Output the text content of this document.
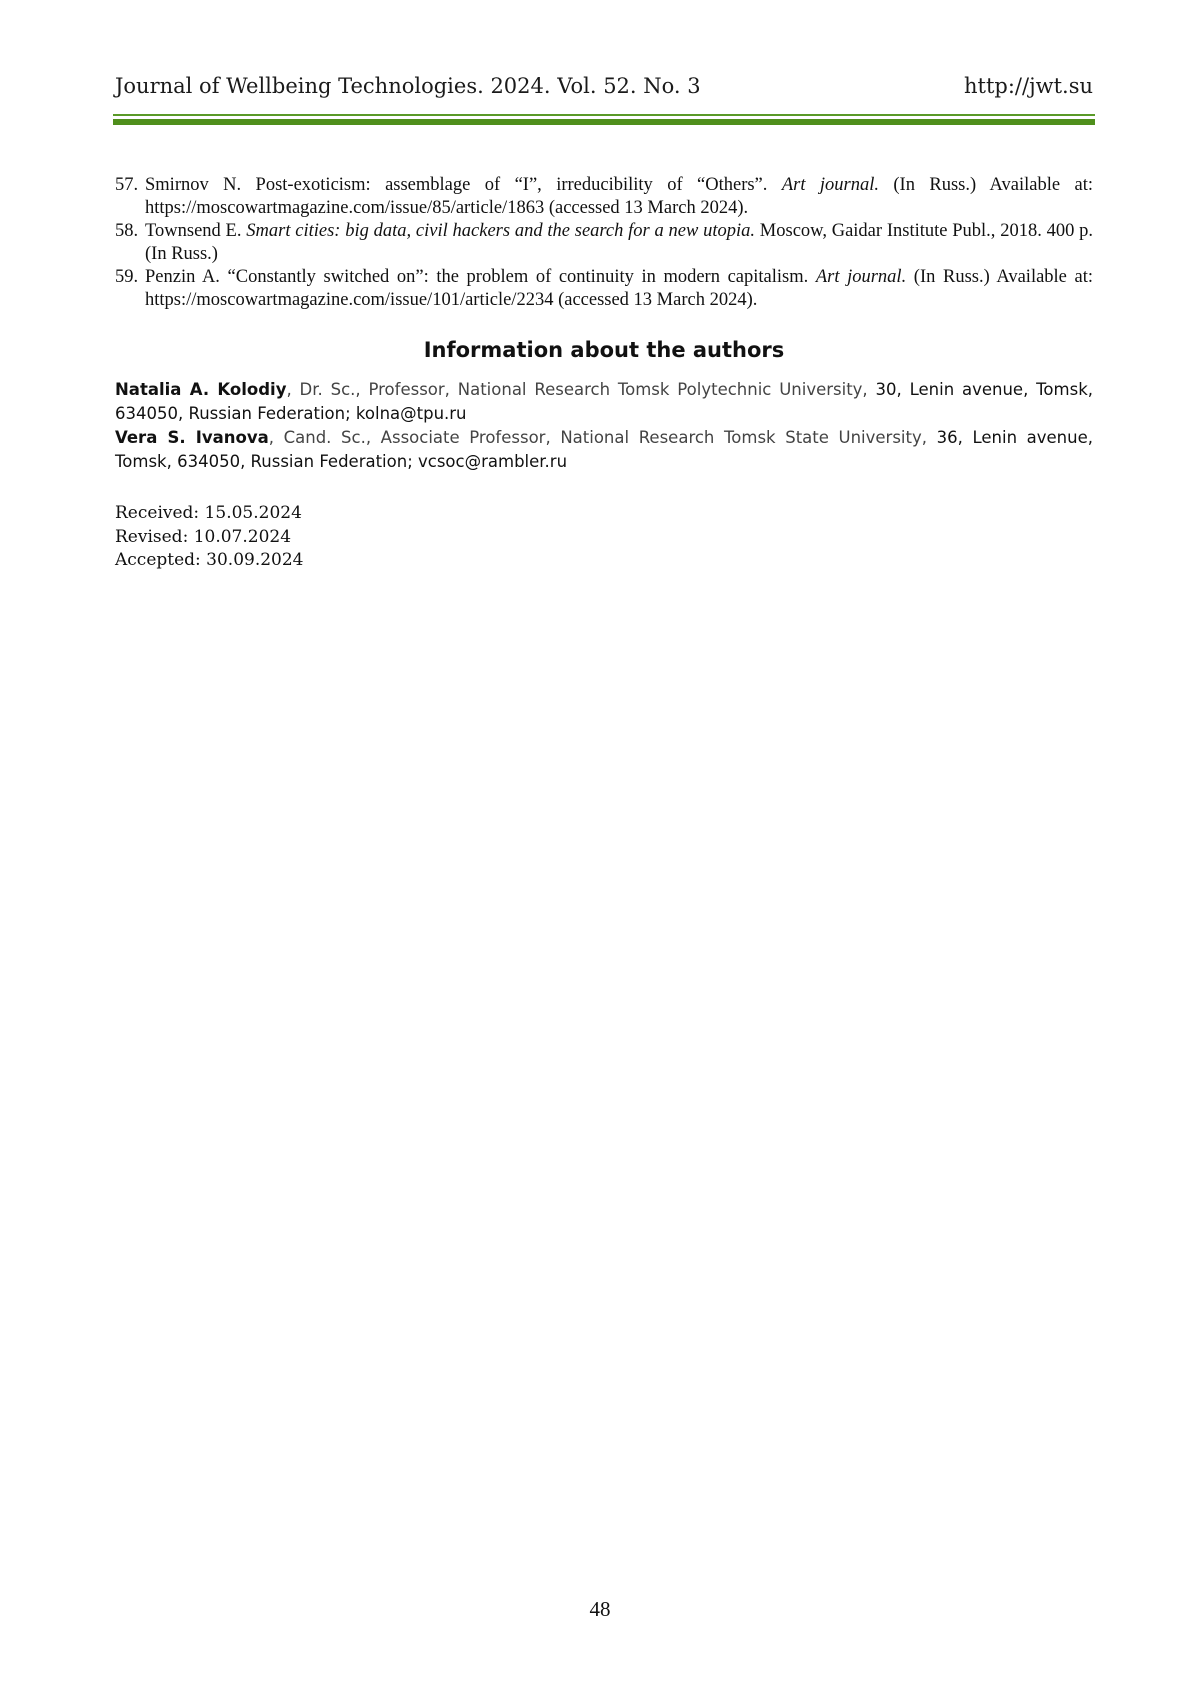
Journal of Wellbeing Technologies. 2024. Vol. 52. No. 3	http://jwt.su

57. Smirnov N. Post-exoticism: assemblage of “I”, irreducibility of “Others”. Art journal. (In Russ.) Available at: https://moscowartmagazine.com/issue/85/article/1863 (accessed 13 March 2024).

58. Townsend E. Smart cities: big data, civil hackers and the search for a new utopia. Moscow, Gaidar Institute Publ., 2018. 400 p. (In Russ.)

59. Penzin A. “Constantly switched on”: the problem of continuity in modern capitalism. Art journal. (In Russ.) Available at: https://moscowartmagazine.com/issue/101/article/2234 (accessed 13 March 2024).

Information about the authors

Natalia A. Kolodiy, Dr. Sc., Professor, National Research Tomsk Polytechnic University, 30, Lenin avenue, Tomsk, 634050, Russian Federation; kolna@tpu.ru

Vera S. Ivanova, Cand. Sc., Associate Professor, National Research Tomsk State University, 36, Lenin avenue, Tomsk, 634050, Russian Federation; vcsoc@rambler.ru

Received: 15.05.2024
Revised: 10.07.2024
Accepted: 30.09.2024
48
